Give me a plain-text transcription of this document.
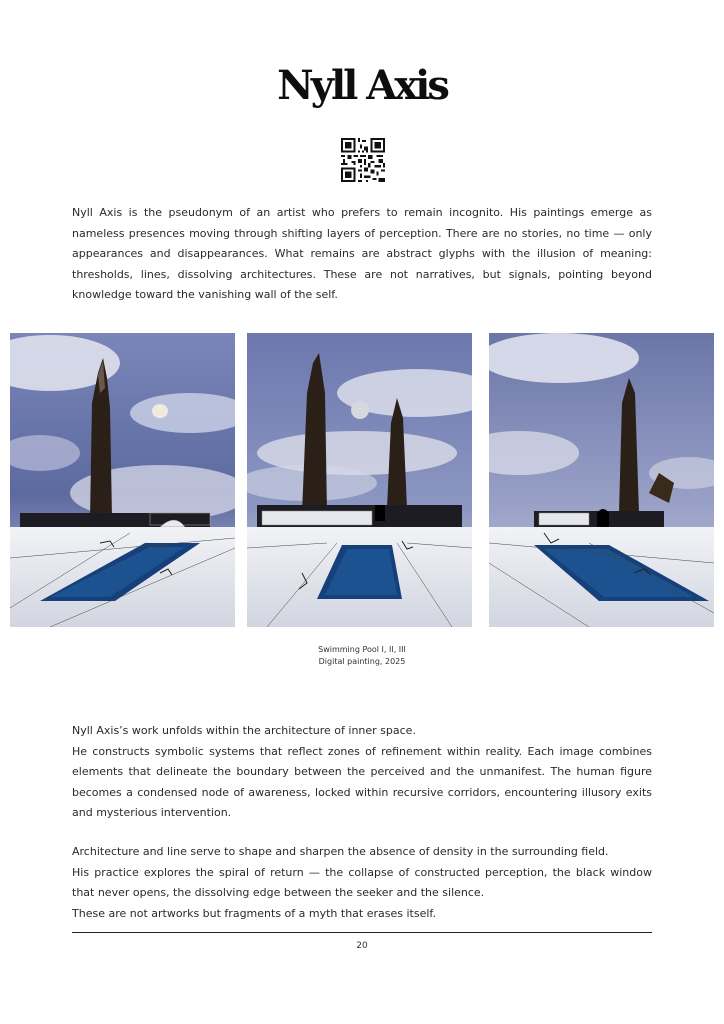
Nyll Axis

Nyll Axis is the pseudonym of an artist who prefers to remain incognito. His paintings emerge as nameless presences moving through shifting layers of perception. There are no stories, no time — only appearances and disappearances. What remains are abstract glyphs with the illusion of meaning: thresholds, lines, dissolving architectures. These are not narratives, but signals, pointing beyond knowledge toward the vanishing wall of the self.

Swimming Pool I, II, III
Digital painting, 2025

Nyll Axis’s work unfolds within the architecture of inner space.

He constructs symbolic systems that reflect zones of refinement within reality. Each image combines elements that delineate the boundary between the perceived and the unmanifest. The human figure becomes a condensed node of awareness, locked within recursive corridors, encountering illusory exits and mysterious intervention.

Architecture and line serve to shape and sharpen the absence of density in the surrounding field.

His practice explores the spiral of return — the collapse of constructed perception, the black window that never opens, the dissolving edge between the seeker and the silence.

These are not artworks but fragments of a myth that erases itself.

20
